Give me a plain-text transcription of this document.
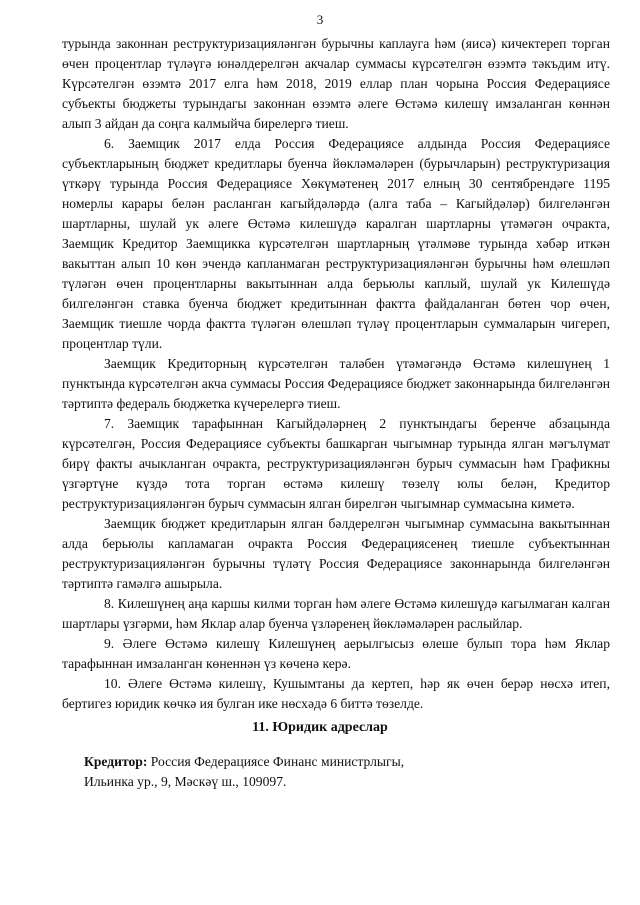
3

турында законнан реструктуризацияләнгән бурычны каплауга һәм (яисә) кичектереп торган өчен процентлар түләүгә юнәлдерелгән акчалар суммасы күрсәтелгән өзэмтә тәкъдим итү. Күрсәтелгән өзэмтә 2017 елга һәм 2018, 2019 еллар план чорына Россия Федерациясе субъекты бюджеты турындагы законнан өзэмтә әлеге Өстәмә килешү имзаланган көннән алып 3 айдан да соңга калмыйча бирелергә тиеш.

6. Заемщик 2017 елда Россия Федерациясе алдында Россия Федерациясе субъектларының бюджет кредитлары буенча йөкләмәләрен (бурычларын) реструктуризация үткәрү турында Россия Федерациясе Хөкүмәтенең 2017 елның 30 сентябрендәге 1195 номерлы карары белән расланган кагыйдәләрдә (алга таба – Кагыйдәләр) билгеләнгән шартларны, шулай ук әлеге Өстәмә килешүдә каралган шартларны үтәмәгән очракта, Заемщик Кредитор Заемщикка күрсәтелгән шартларның үтәлмәве турында хәбәр иткән вакыттан алып 10 көн эчендә капланмаган реструктуризацияләнгән бурычны һәм өлешләп түләгән өчен процентларны вакытыннан алда берьюлы каплый, шулай ук Килешүдә билгеләнгән ставка буенча бюджет кредитыннан фактта файдаланган бөтен чор өчен, Заемщик тиешле чорда фактта түләгән өлешләп түләү процентларын суммаларын чигереп, процентлар түли.

Заемщик Кредиторның күрсәтелгән таләбен үтәмәгәндә Өстәмә килешүнең 1 пунктында күрсәтелгән акча суммасы Россия Федерациясе бюджет законнарында билгеләнгән тәртиптә федераль бюджетка күчерелергә тиеш.

7. Заемщик тарафыннан Кагыйдәләрнең 2 пунктындагы беренче абзацында күрсәтелгән, Россия Федерациясе субъекты башкарган чыгымнар турында ялган мәгълүмат бирү факты ачыкланган очракта, реструктуризацияләнгән бурыч суммасын һәм Графикны үзгәртүне күздә тота торган өстәмә килешү төзелү юлы белән, Кредитор реструктуризацияләнгән бурыч суммасын ялган бирелгән чыгымнар суммасына киметә.

Заемщик бюджет кредитларын ялган бәлдерелгән чыгымнар суммасына вакытыннан алда берьюлы капламаган очракта Россия Федерациясенең тиешле субъектыннан реструктуризацияләнгән бурычны түләтү Россия Федерациясе законнарында билгеләнгән тәртиптә гамәлгә ашырыла.

8. Килешүнең аңа каршы килми торган һәм әлеге Өстәмә килешүдә кагылмаган калган шартлары үзгәрми, һәм Яклар алар буенча үзләренең йөкләмәләрен раслыйлар.

9. Әлеге Өстәмә килешү Килешүнең аерылгысыз өлеше булып тора һәм Яклар тарафыннан имзаланган көненнән үз көченә керә.

10. Әлеге Өстәмә килешү, Кушымтаны да кертеп, һәр як өчен берәр нөсхә итеп, бертигез юридик көчкә ия булган ике нөсхәдә 6 биттә төзелде.

11. Юридик адреслар

Кредитор: Россия Федерациясе Финанс министрлыгы,

Ильинка ур., 9, Мәскәү ш., 109097.
